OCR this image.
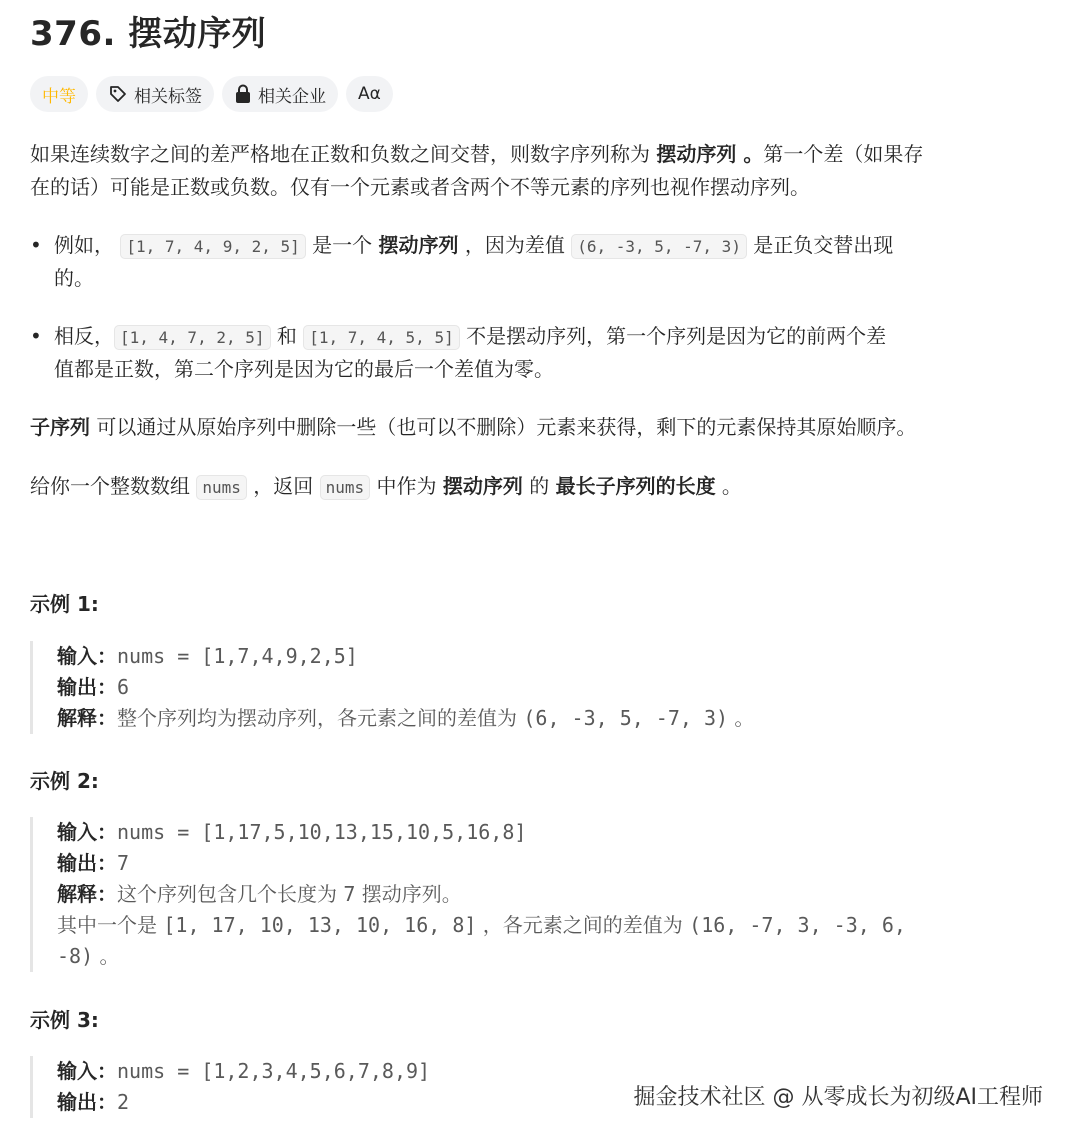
376. 摆动序列
中等	相关标签	相关企业 Aα
如果连续数字之间的差严格地在正数和负数之间交替，则数字序列称为 摆动序列 。第一个差（如果存
在的话）可能是正数或负数。仅有一个元素或者含两个不等元素的序列也视作摆动序列。
• 例如， [1, 7, 4, 9, 2, 5] 是一个 摆动序列 ，因为差值 (6, -3, 5, -7, 3) 是正负交替出现
的。
• 相反， [1, 4, 7, 2, 5] 和 [1, 7, 4, 5, 5] 不是摆动序列，第一个序列是因为它的前两个差
值都是正数，第二个序列是因为它的最后一个差值为零。
子序列 可以通过从原始序列中删除一些（也可以不删除）元素来获得，剩下的元素保持其原始顺序。
给你一个整数数组 nums ，返回 nums 中作为 摆动序列 的 最长子序列的长度 。
示例 1:
输入：nums = [1,7,4,9,2,5]
输出：6
解释：整个序列均为摆动序列，各元素之间的差值为 (6, -3, 5, -7, 3) 。
示例 2:
输入：nums = [1,17,5,10,13,15,10,5,16,8]
输出：7
解释：这个序列包含几个长度为 7 摆动序列。
其中一个是 [1, 17, 10, 13, 10, 16, 8] ，各元素之间的差值为 (16, -7, 3, -3, 6,
-8) 。
示例 3:
输入：nums = [1,2,3,4,5,6,7,8,9]
输出：2	掘金技术社区 @ 从零成长为初级AI工程师
